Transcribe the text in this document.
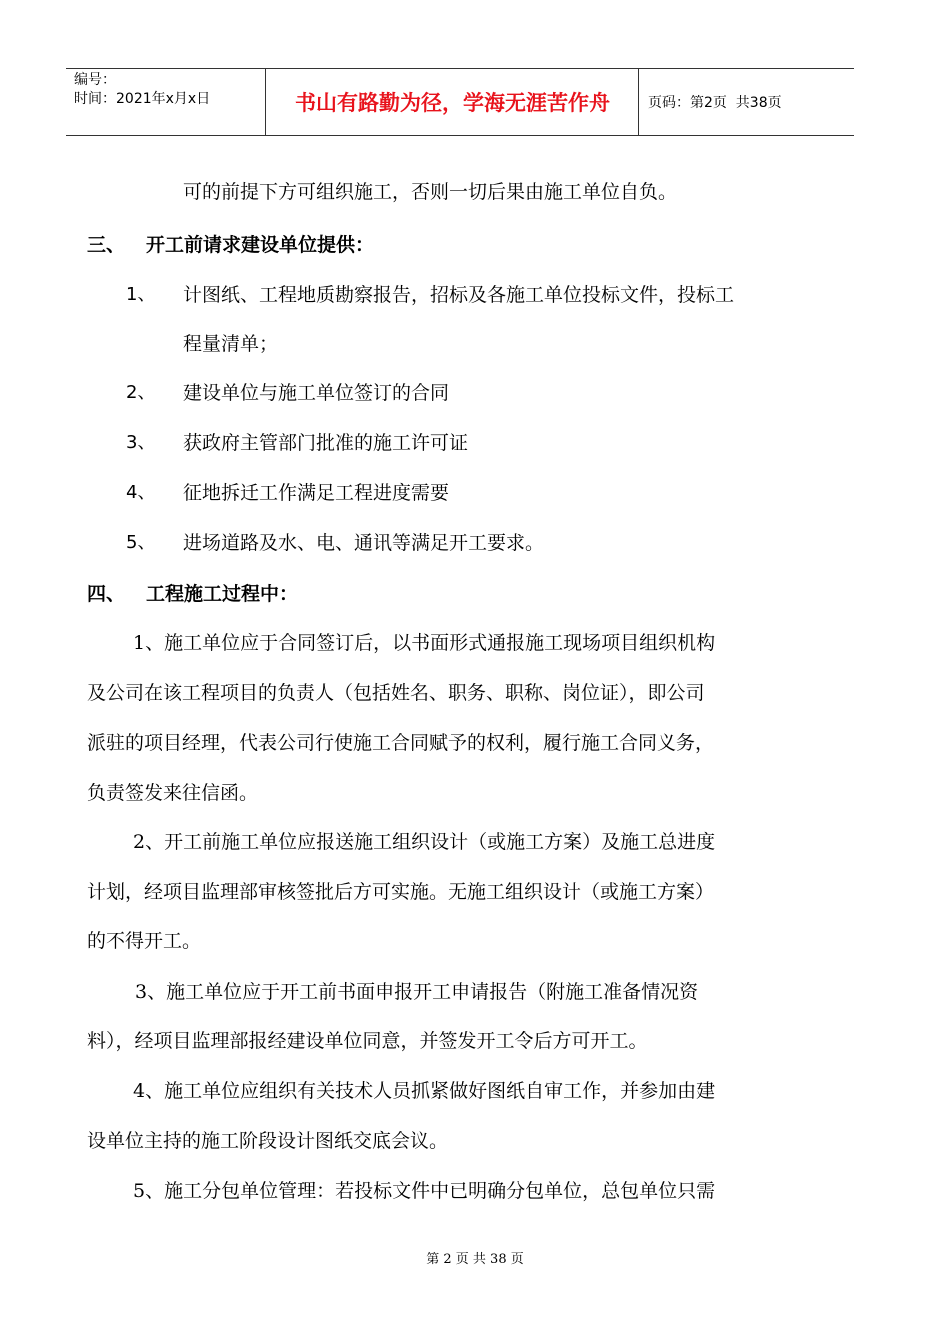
编号：
时间：2021年x月x日	书山有路勤为径，学海无涯苦作舟	页码： 第2页  共38页
可的前提下方可组织施工，否则一切后果由施工单位自负。
三、 开工前请求建设单位提供：
1、 计图纸、工程地质勘察报告，招标及各施工单位投标文件，投标工
程量清单；
2、 建设单位与施工单位签订的合同
3、 获政府主管部门批准的施工许可证
4、 征地拆迁工作满足工程进度需要
5、 进场道路及水、电、通讯等满足开工要求。
四、 工程施工过程中：
1、施工单位应于合同签订后，以书面形式通报施工现场项目组织机构
及公司在该工程项目的负责人（包括姓名、职务、职称、岗位证），即公司
派驻的项目经理，代表公司行使施工合同赋予的权利，履行施工合同义务，
负责签发来往信函。
2、开工前施工单位应报送施工组织设计（或施工方案）及施工总进度
计划，经项目监理部审核签批后方可实施。无施工组织设计（或施工方案）
的不得开工。
3、施工单位应于开工前书面申报开工申请报告（附施工准备情况资
料），经项目监理部报经建设单位同意，并签发开工令后方可开工。
4、施工单位应组织有关技术人员抓紧做好图纸自审工作，并参加由建
设单位主持的施工阶段设计图纸交底会议。
5、施工分包单位管理：若投标文件中已明确分包单位，总包单位只需
第 2 页 共 38 页
